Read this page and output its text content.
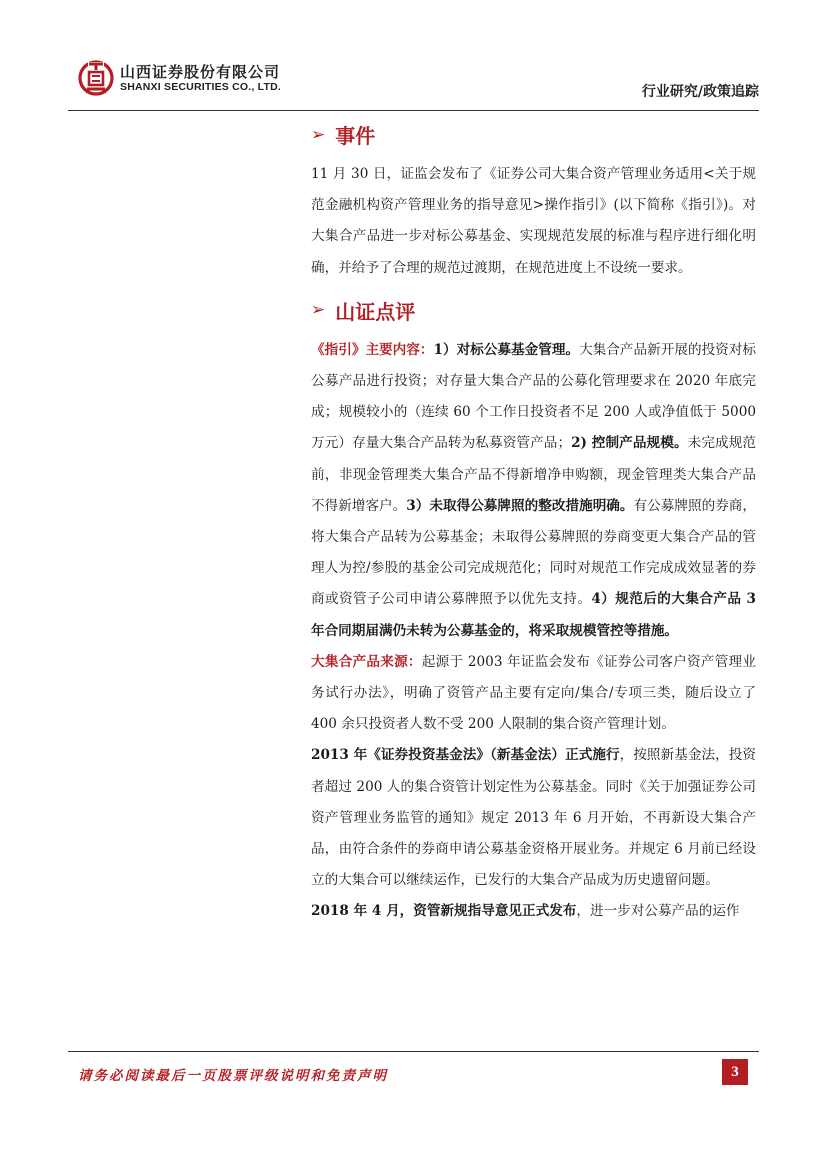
山西证券股份有限公司
SHANXI SECURITIES CO., LTD.	行业研究/政策追踪
➢ 事件

11 月 30 日，证监会发布了《证券公司大集合资产管理业务适用<关于规范金融机构资产管理业务的指导意见>操作指引》(以下简称《指引》)。对大集合产品进一步对标公募基金、实现规范发展的标准与程序进行细化明确，并给予了合理的规范过渡期，在规范进度上不设统一要求。

➢ 山证点评

《指引》主要内容：1）对标公募基金管理。大集合产品新开展的投资对标公募产品进行投资；对存量大集合产品的公募化管理要求在 2020 年底完成；规模较小的（连续 60 个工作日投资者不足 200 人或净值低于 5000 万元）存量大集合产品转为私募资管产品；2) 控制产品规模。未完成规范前，非现金管理类大集合产品不得新增净申购额，现金管理类大集合产品不得新增客户。3）未取得公募牌照的整改措施明确。有公募牌照的券商，将大集合产品转为公募基金；未取得公募牌照的券商变更大集合产品的管理人为控/参股的基金公司完成规范化；同时对规范工作完成成效显著的券商或资管子公司申请公募牌照予以优先支持。4）规范后的大集合产品 3 年合同期届满仍未转为公募基金的，将采取规模管控等措施。

大集合产品来源：起源于 2003 年证监会发布《证券公司客户资产管理业务试行办法》，明确了资管产品主要有定向/集合/专项三类，随后设立了 400 余只投资者人数不受 200 人限制的集合资产管理计划。

2013 年《证券投资基金法》（新基金法）正式施行，按照新基金法，投资者超过 200 人的集合资管计划定性为公募基金。同时《关于加强证券公司资产管理业务监管的通知》规定 2013 年 6 月开始，不再新设大集合产品，由符合条件的券商申请公募基金资格开展业务。并规定 6 月前已经设立的大集合可以继续运作，已发行的大集合产品成为历史遗留问题。

2018 年 4 月，资管新规指导意见正式发布，进一步对公募产品的运作

请务必阅读最后一页股票评级说明和免责声明	3
